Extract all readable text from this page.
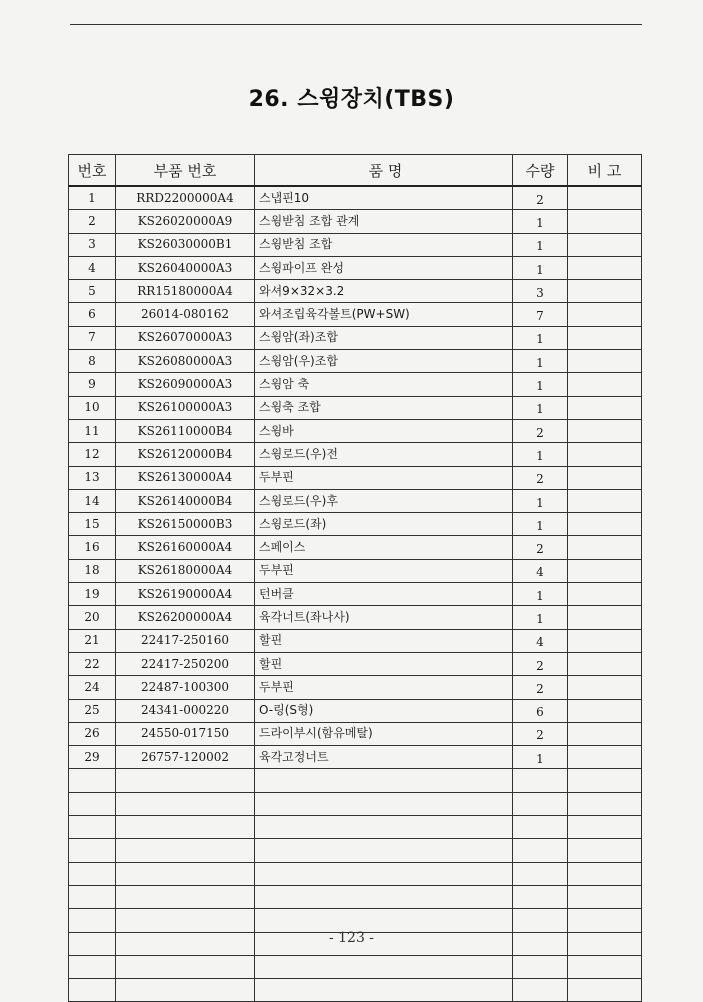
26. 스윙장치(TBS)
번호	부품 번호	품 명	수량	비 고
1	RRD2200000A4	스냅핀10	2	
2	KS26020000A9	스윙받침 조합 관계	1	
3	KS26030000B1	스윙받침 조합	1	
4	KS26040000A3	스윙파이프 완성	1	
5	RR15180000A4	와셔9×32×3.2	3	
6	26014-080162	와셔조립육각볼트(PW+SW)	7	
7	KS26070000A3	스윙암(좌)조합	1	
8	KS26080000A3	스윙암(우)조합	1	
9	KS26090000A3	스윙암 축	1	
10	KS26100000A3	스윙축 조합	1	
11	KS26110000B4	스윙바	2	
12	KS26120000B4	스윙로드(우)전	1	
13	KS26130000A4	두부핀	2	
14	KS26140000B4	스윙로드(우)후	1	
15	KS26150000B3	스윙로드(좌)	1	
16	KS26160000A4	스페이스	2	
18	KS26180000A4	두부핀	4	
19	KS26190000A4	턴버클	1	
20	KS26200000A4	육각너트(좌나사)	1	
21	22417-250160	할핀	4	
22	22417-250200	할핀	2	
24	22487-100300	두부핀	2	
25	24341-000220	O-링(S형)	6	
26	24550-017150	드라이부시(함유메탈)	2	
29	26757-120002	육각고정너트	1	

- 123 -
